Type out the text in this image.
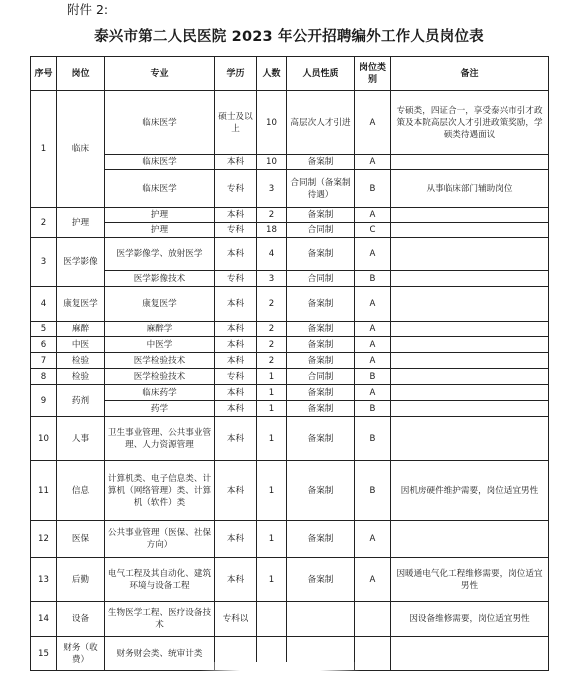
附件 2:
泰兴市第二人民医院 2023 年公开招聘编外工作人员岗位表
序号	岗位	专业	学历	人数	人员性质	岗位类别	备注
1	临床	临床医学	硕士及以上	10	高层次人才引进	A	专硕类，四证合一，享受泰兴市引才政策及本院高层次人才引进政策奖励，学硕类待遇面议
		临床医学	本科	10	备案制	A	
		临床医学	专科	3	合同制（备案制待遇）	B	从事临床部门辅助岗位
2	护理	护理	本科	2	备案制	A	
		护理	专科	18	合同制	C	
3	医学影像	医学影像学、放射医学	本科	4	备案制	A	
		医学影像技术	专科	3	合同制	B	
4	康复医学	康复医学	本科	2	备案制	A	
5	麻醉	麻醉学	本科	2	备案制	A	
6	中医	中医学	本科	2	备案制	A	
7	检验	医学检验技术	本科	2	备案制	A	
8	检验	医学检验技术	专科	1	合同制	B	
9	药剂	临床药学	本科	1	备案制	A	
		药学	本科	1	备案制	B	
10	人事	卫生事业管理、公共事业管理、人力资源管理	本科	1	备案制	B	
11	信息	计算机类、电子信息类、计算机（网络管理）类、计算机（软件）类	本科	1	备案制	B	因机房硬件维护需要，岗位适宜男性
12	医保	公共事业管理（医保、社保方向）	本科	1	备案制	A	
13	后勤	电气工程及其自动化、建筑环境与设备工程	本科	1	备案制	A	因暖通电气化工程维修需要，岗位适宜男性
14	设备	生物医学工程、医疗设备技术	专科以				因设备维修需要，岗位适宜男性
15	财务（收费）	财务财会类、统审计类					
